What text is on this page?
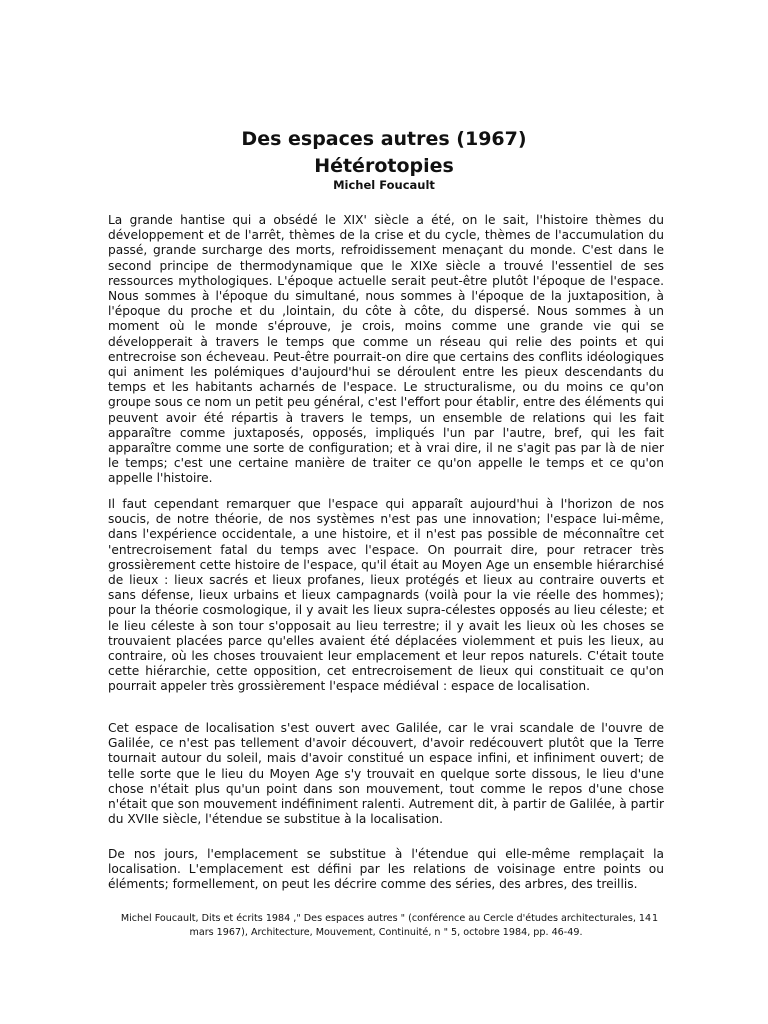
Des espaces autres (1967)
Hétérotopies

Michel Foucault

La grande hantise qui a obsédé le XIX' siècle a été, on le sait, l'histoire thèmes du développement et de l'arrêt, thèmes de la crise et du cycle, thèmes de l'accumulation du passé, grande surcharge des morts, refroidissement menaçant du monde. C'est dans le second principe de thermodynamique que le XIXe siècle a trouvé l'essentiel de ses ressources mythologiques. L'époque actuelle serait peut-être plutôt l'époque de l'espace. Nous sommes à l'époque du simultané, nous sommes à l'époque de la juxtaposition, à l'époque du proche et du ,lointain, du côte à côte, du dispersé. Nous sommes à un moment où le monde s'éprouve, je crois, moins comme une grande vie qui se développerait à travers le temps que comme un réseau qui relie des points et qui entrecroise son écheveau. Peut-être pourrait-on dire que certains des conflits idéologiques qui animent les polémiques d'aujourd'hui se déroulent entre les pieux descendants du temps et les habitants acharnés de l'espace. Le structuralisme, ou du moins ce qu'on groupe sous ce nom un petit peu général, c'est l'effort pour établir, entre des éléments qui peuvent avoir été répartis à travers le temps, un ensemble de relations qui les fait apparaître comme juxtaposés, opposés, impliqués l'un par l'autre, bref, qui les fait apparaître comme une sorte de configuration; et à vrai dire, il ne s'agit pas par là de nier le temps; c'est une certaine manière de traiter ce qu'on appelle le temps et ce qu'on appelle l'histoire.

Il faut cependant remarquer que l'espace qui apparaît aujourd'hui à l'horizon de nos soucis, de notre théorie, de nos systèmes n'est pas une innovation; l'espace lui-même, dans l'expérience occidentale, a une histoire, et il n'est pas possible de méconnaître cet 'entrecroisement fatal du temps avec l'espace. On pourrait dire, pour retracer très grossièrement cette histoire de l'espace, qu'il était au Moyen Age un ensemble hiérarchisé de lieux : lieux sacrés et lieux profanes, lieux protégés et lieux au contraire ouverts et sans défense, lieux urbains et lieux campagnards (voilà pour la vie réelle des hommes); pour la théorie cosmologique, il y avait les lieux supra-célestes opposés au lieu céleste; et le lieu céleste à son tour s'opposait au lieu terrestre; il y avait les lieux où les choses se trouvaient placées parce qu'elles avaient été déplacées violemment et puis les lieux, au contraire, où les choses trouvaient leur emplacement et leur repos naturels. C'était toute cette hiérarchie, cette opposition, cet entrecroisement de lieux qui constituait ce qu'on pourrait appeler très grossièrement l'espace médiéval : espace de localisation.

Cet espace de localisation s'est ouvert avec Galilée, car le vrai scandale de l'ouvre de Galilée, ce n'est pas tellement d'avoir découvert, d'avoir redécouvert plutôt que la Terre tournait autour du soleil, mais d'avoir constitué un espace infini, et infiniment ouvert; de telle sorte que le lieu du Moyen Age s'y trouvait en quelque sorte dissous, le lieu d'une chose n'était plus qu'un point dans son mouvement, tout comme le repos d'une chose n'était que son mouvement indéfiniment ralenti. Autrement dit, à partir de Galilée, à partir du XVIIe siècle, l'étendue se substitue à la localisation.

De nos jours, l'emplacement se substitue à l'étendue qui elle-même remplaçait la localisation. L'emplacement est défini par les relations de voisinage entre points ou éléments; formellement, on peut les décrire comme des séries, des arbres, des treillis.

Michel Foucault, Dits et écrits 1984 ," Des espaces autres " (conférence au Cercle d'études architecturales, 14 mars 1967), Architecture, Mouvement, Continuité, n " 5, octobre 1984, pp. 46-49.

1
